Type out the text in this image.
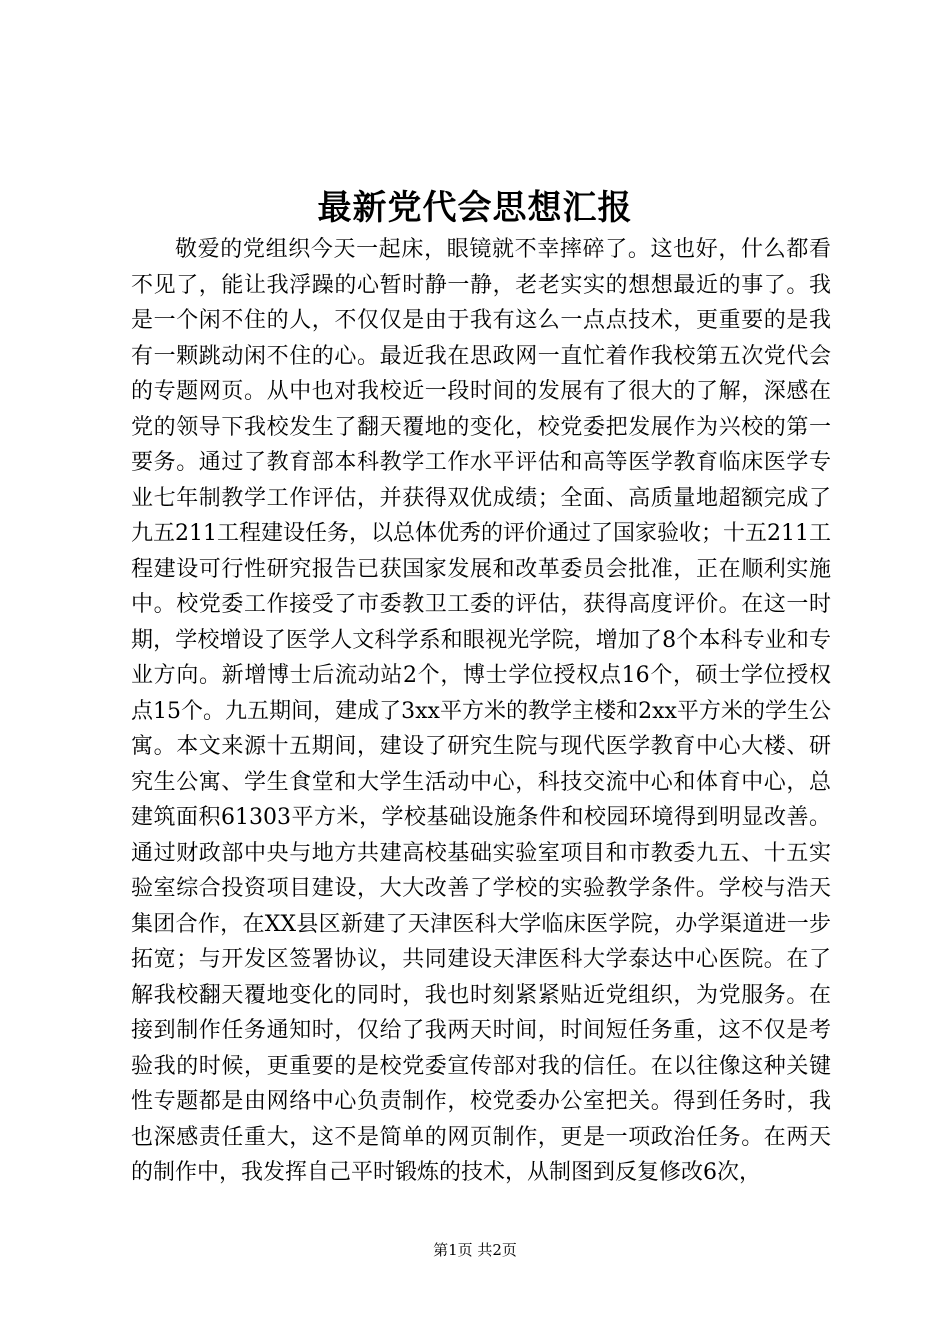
最新党代会思想汇报

敬爱的党组织今天一起床，眼镜就不幸摔碎了。这也好，什么都看不见了，能让我浮躁的心暂时静一静，老老实实的想想最近的事了。我是一个闲不住的人，不仅仅是由于我有这么一点点技术，更重要的是我有一颗跳动闲不住的心。最近我在思政网一直忙着作我校第五次党代会的专题网页。从中也对我校近一段时间的发展有了很大的了解，深感在党的领导下我校发生了翻天覆地的变化，校党委把发展作为兴校的第一要务。通过了教育部本科教学工作水平评估和高等医学教育临床医学专业七年制教学工作评估，并获得双优成绩；全面、高质量地超额完成了九五211工程建设任务，以总体优秀的评价通过了国家验收；十五211工程建设可行性研究报告已获国家发展和改革委员会批准，正在顺利实施中。校党委工作接受了市委教卫工委的评估，获得高度评价。在这一时期，学校增设了医学人文科学系和眼视光学院，增加了8个本科专业和专业方向。新增博士后流动站2个，博士学位授权点16个，硕士学位授权点15个。九五期间，建成了3xx平方米的教学主楼和2xx平方米的学生公寓。本文来源十五期间，建设了研究生院与现代医学教育中心大楼、研究生公寓、学生食堂和大学生活动中心，科技交流中心和体育中心，总建筑面积61303平方米，学校基础设施条件和校园环境得到明显改善。通过财政部中央与地方共建高校基础实验室项目和市教委九五、十五实验室综合投资项目建设，大大改善了学校的实验教学条件。学校与浩天集团合作，在XX县区新建了天津医科大学临床医学院，办学渠道进一步拓宽；与开发区签署协议，共同建设天津医科大学泰达中心医院。在了解我校翻天覆地变化的同时，我也时刻紧紧贴近党组织，为党服务。在接到制作任务通知时，仅给了我两天时间，时间短任务重，这不仅是考验我的时候，更重要的是校党委宣传部对我的信任。在以往像这种关键性专题都是由网络中心负责制作，校党委办公室把关。得到任务时，我也深感责任重大，这不是简单的网页制作，更是一项政治任务。在两天的制作中，我发挥自己平时锻炼的技术，从制图到反复修改6次，

第1页 共2页
